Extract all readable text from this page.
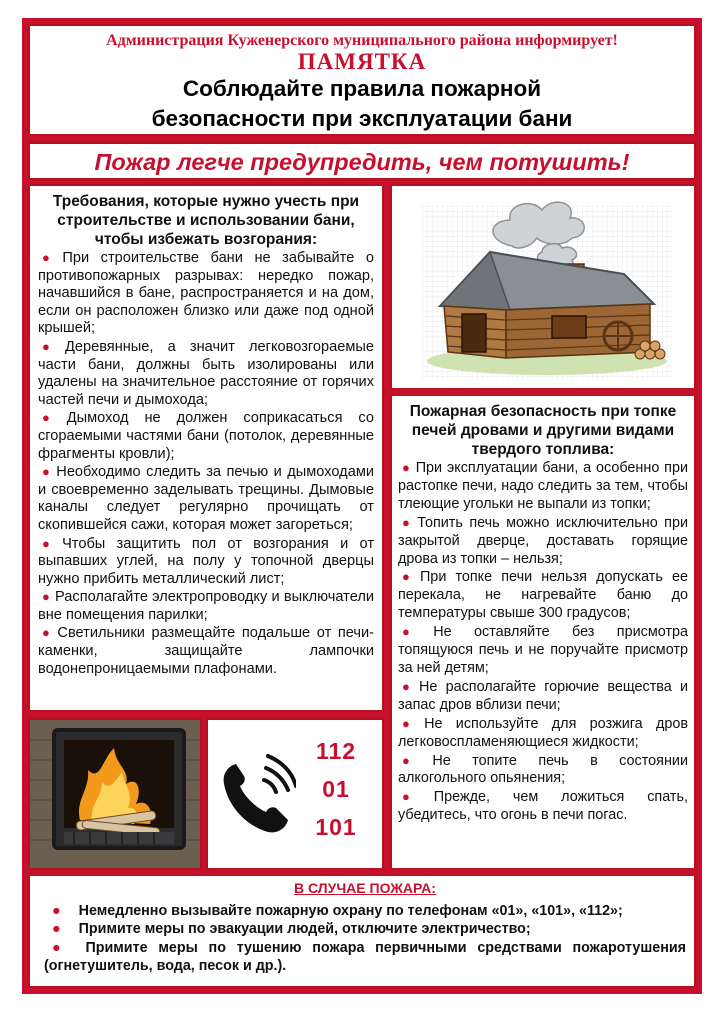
Администрация Куженерского муниципального района информирует!
ПАМЯТКА
Соблюдайте правила пожарной
безопасности при эксплуатации бани
Пожар легче предупредить, чем потушить!
Требования, которые нужно учесть при строительстве и использовании бани, чтобы избежать возгорания:
● При строительстве бани не забывайте о противопожарных разрывах: нередко пожар, начавшийся в бане, распространяется и на дом, если он расположен близко или даже под одной крышей;
● Деревянные, а значит легковозгораемые части бани, должны быть изолированы или удалены на значительное расстояние от горячих частей печи и дымохода;
● Дымоход не должен соприкасаться со сгораемыми частями бани (потолок, деревянные фрагменты кровли);
● Необходимо следить за печью и дымоходами и своевременно заделывать трещины. Дымовые каналы следует регулярно прочищать от скопившейся сажи, которая может загореться;
● Чтобы защитить пол от возгорания и от выпавших углей, на полу у топочной дверцы нужно прибить металлический лист;
● Располагайте электропроводку и выключатели вне помещения парилки;
● Светильники размещайте подальше от печи-каменки, защищайте лампочки водонепроницаемыми плафонами.
Пожарная безопасность при топке печей дровами и другими видами твердого топлива:
● При эксплуатации бани, а особенно при растопке печи, надо следить за тем, чтобы тлеющие угольки не выпали из топки;
● Топить печь можно исключительно при закрытой дверце, доставать горящие дрова из топки – нельзя;
● При топке печи нельзя допускать ее перекала, не нагревайте баню до температуры свыше 300 градусов;
● Не оставляйте без присмотра топящуюся печь и не поручайте присмотр за ней детям;
● Не располагайте горючие вещества и запас дров вблизи печи;
● Не используйте для розжига дров легковоспламеняющиеся жидкости;
● Не топите печь в состоянии алкогольного опьянения;
● Прежде, чем ложиться спать, убедитесь, что огонь в печи погас.
112
01
101
В СЛУЧАЕ ПОЖАРА:
● Немедленно вызывайте пожарную охрану по телефонам «01», «101», «112»;
● Примите меры по эвакуации людей, отключите электричество;
● Примите меры по тушению пожара первичными средствами пожаротушения (огнетушитель, вода, песок и др.).
